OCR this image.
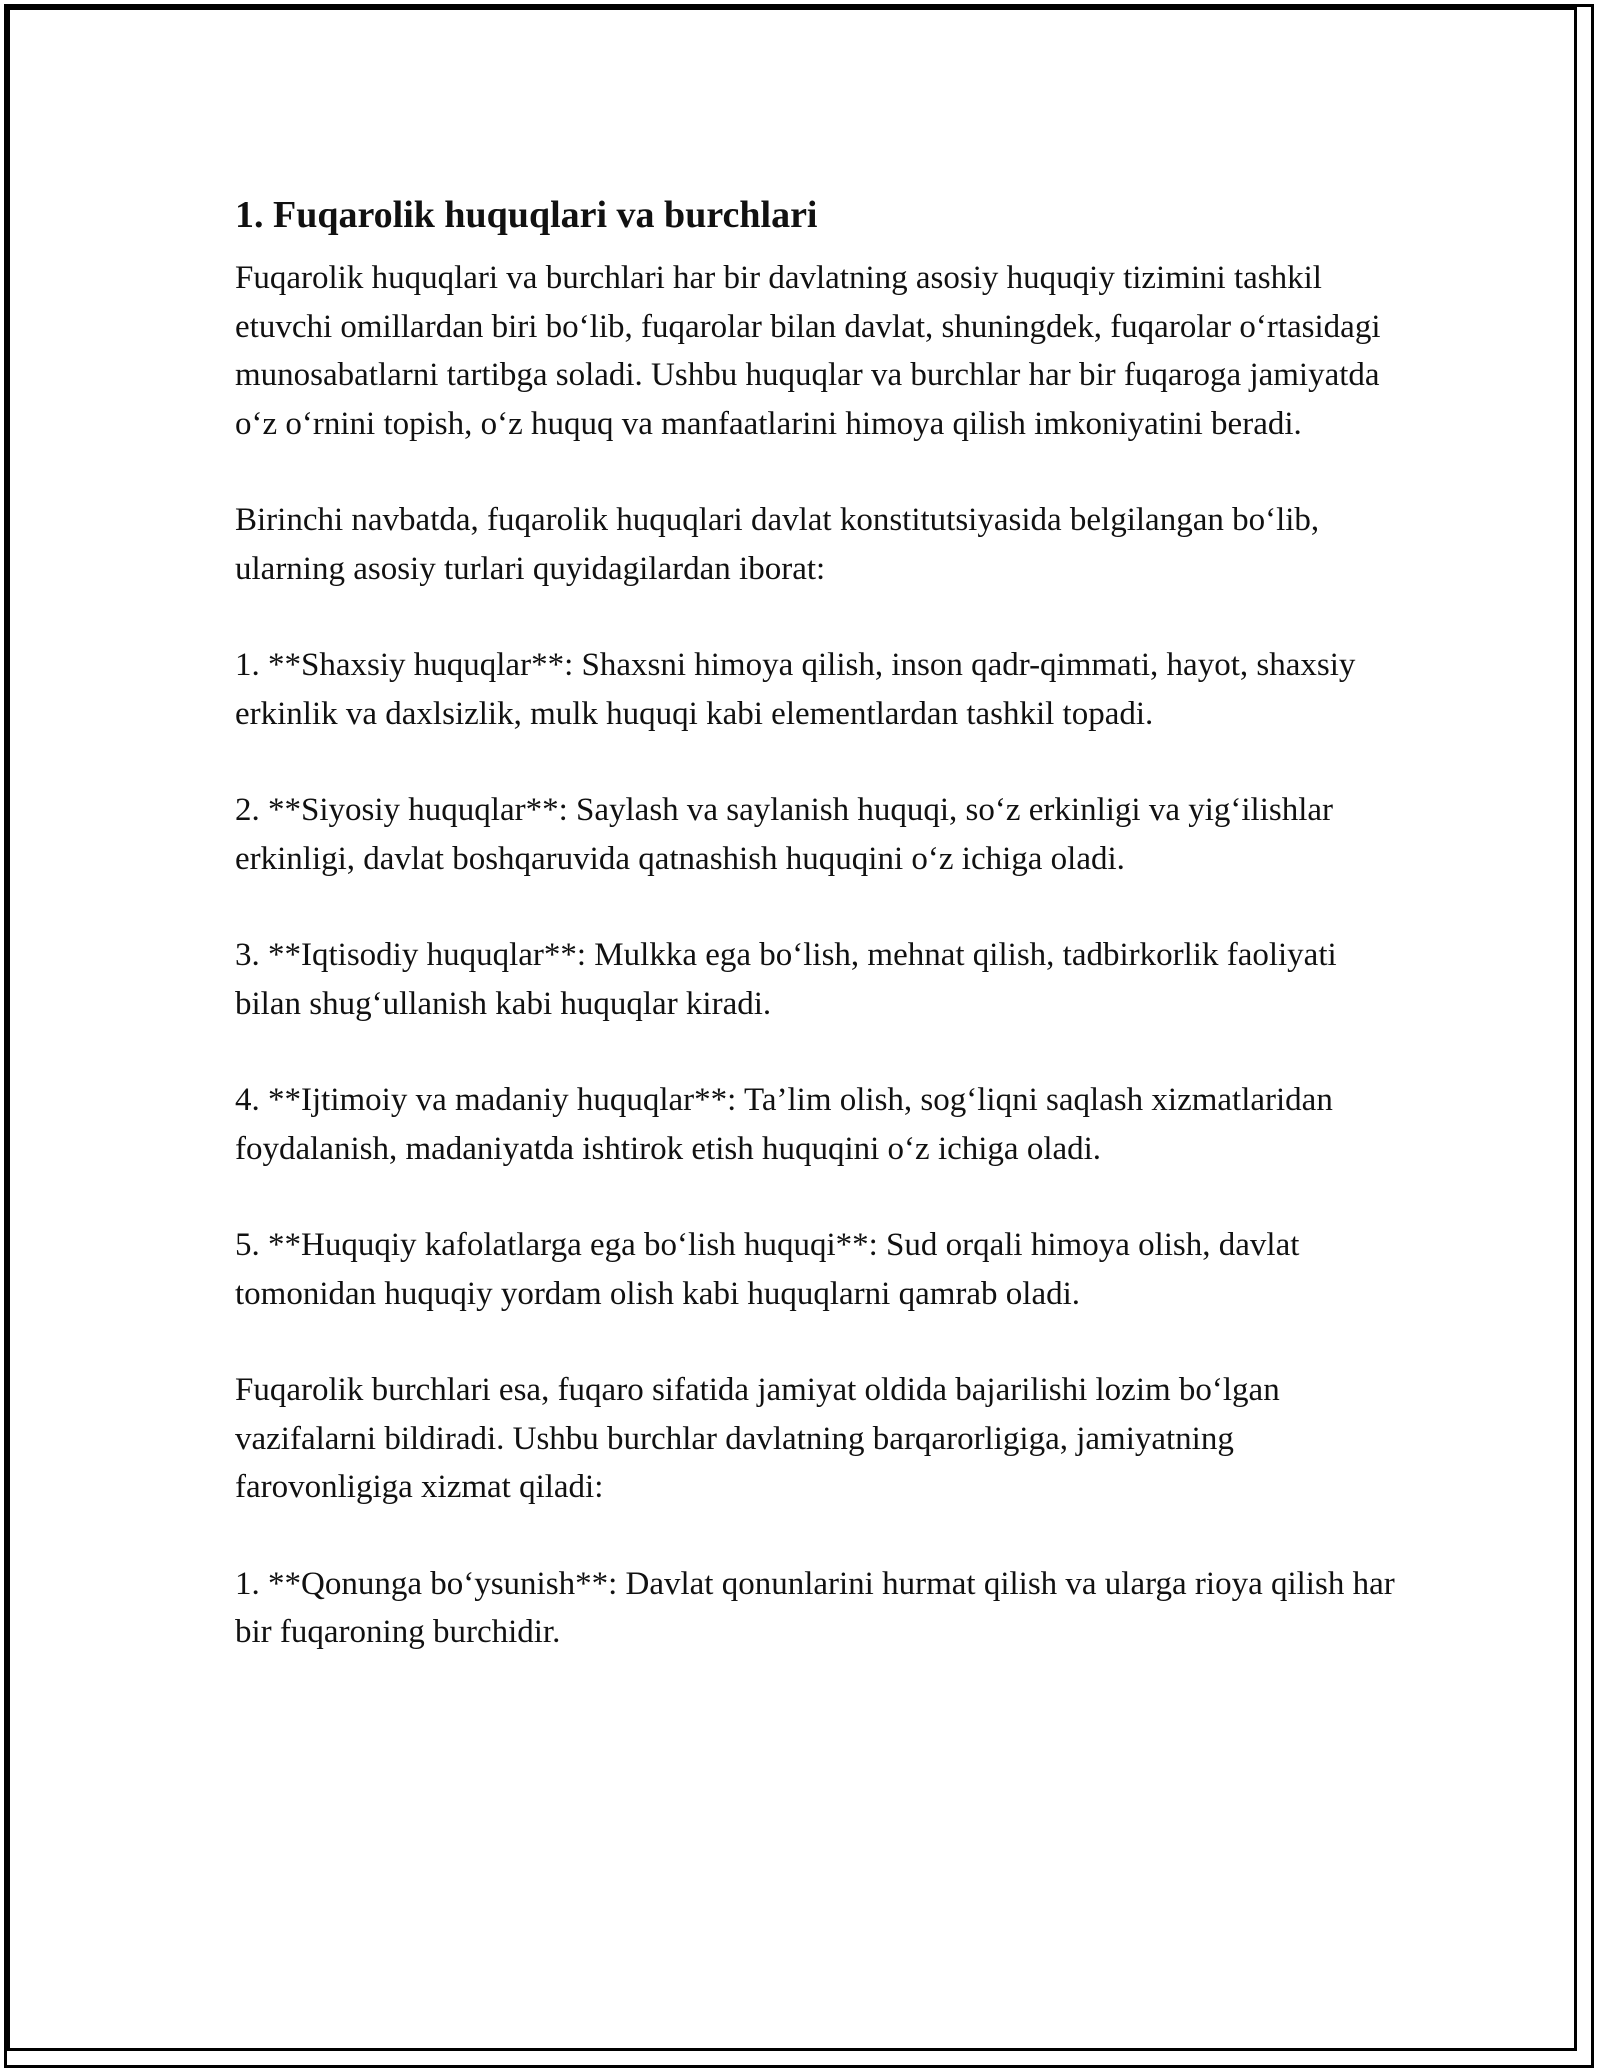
1. Fuqarolik huquqlari va burchlari

Fuqarolik huquqlari va burchlari har bir davlatning asosiy huquqiy tizimini tashkil etuvchi omillardan biri bo‘lib, fuqarolar bilan davlat, shuningdek, fuqarolar o‘rtasidagi munosabatlarni tartibga soladi. Ushbu huquqlar va burchlar har bir fuqaroga jamiyatda o‘z o‘rnini topish, o‘z huquq va manfaatlarini himoya qilish imkoniyatini beradi.

Birinchi navbatda, fuqarolik huquqlari davlat konstitutsiyasida belgilangan bo‘lib, ularning asosiy turlari quyidagilardan iborat:

1. **Shaxsiy huquqlar**: Shaxsni himoya qilish, inson qadr-qimmati, hayot, shaxsiy erkinlik va daxlsizlik, mulk huquqi kabi elementlardan tashkil topadi.

2. **Siyosiy huquqlar**: Saylash va saylanish huquqi, so‘z erkinligi va yig‘ilishlar erkinligi, davlat boshqaruvida qatnashish huquqini o‘z ichiga oladi.

3. **Iqtisodiy huquqlar**: Mulkka ega bo‘lish, mehnat qilish, tadbirkorlik faoliyati bilan shug‘ullanish kabi huquqlar kiradi.

4. **Ijtimoiy va madaniy huquqlar**: Ta’lim olish, sog‘liqni saqlash xizmatlaridan foydalanish, madaniyatda ishtirok etish huquqini o‘z ichiga oladi.

5. **Huquqiy kafolatlarga ega bo‘lish huquqi**: Sud orqali himoya olish, davlat tomonidan huquqiy yordam olish kabi huquqlarni qamrab oladi.

Fuqarolik burchlari esa, fuqaro sifatida jamiyat oldida bajarilishi lozim bo‘lgan vazifalarni bildiradi. Ushbu burchlar davlatning barqarorligiga, jamiyatning farovonligiga xizmat qiladi:

1. **Qonunga bo‘ysunish**: Davlat qonunlarini hurmat qilish va ularga rioya qilish har bir fuqaroning burchidir.
